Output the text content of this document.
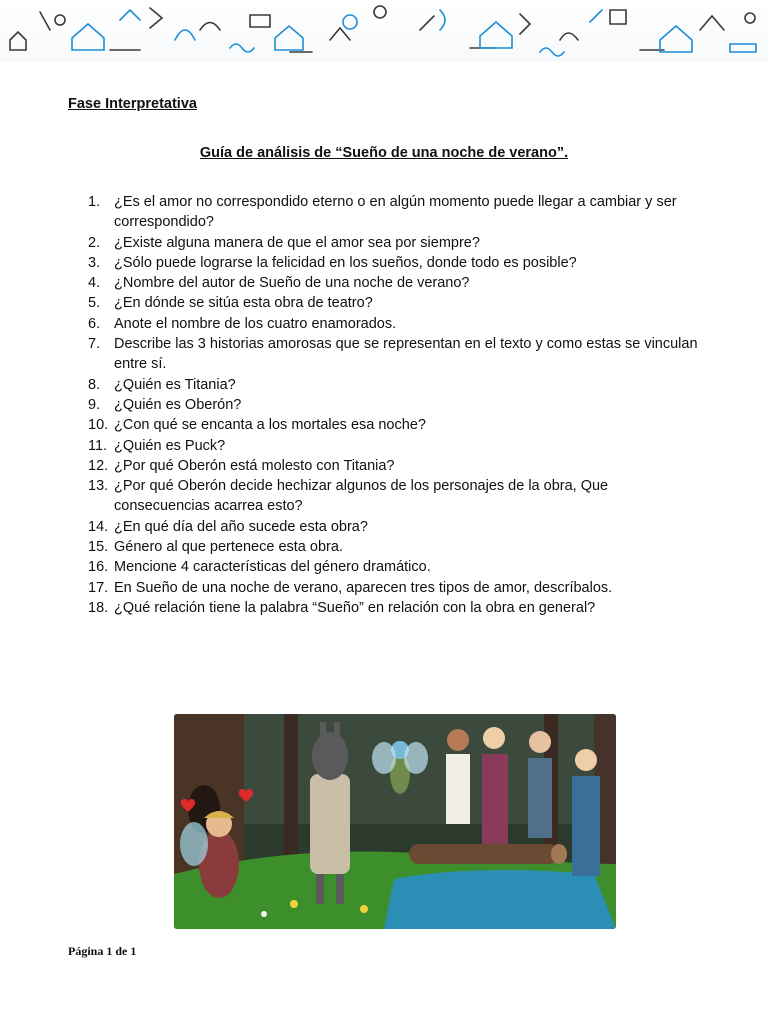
Fase Interpretativa
Guía de análisis de “Sueño de una noche de verano”.
1. ¿Es el amor no correspondido eterno o en algún momento puede llegar a cambiar y ser correspondido?
2. ¿Existe alguna manera de que el amor sea por siempre?
3. ¿Sólo puede lograrse la felicidad en los sueños, donde todo es posible?
4. ¿Nombre del autor de Sueño de una noche de verano?
5. ¿En dónde se sitúa esta obra de teatro?
6. Anote el nombre de los cuatro enamorados.
7. Describe las 3 historias amorosas que se representan en el texto y como estas se vinculan entre sí.
8. ¿Quién es Titania?
9. ¿Quién es Oberón?
10. ¿Con qué se encanta a los mortales esa noche?
11. ¿Quién es Puck?
12. ¿Por qué Oberón está molesto con Titania?
13. ¿Por qué Oberón decide hechizar algunos de los personajes de la obra, Que consecuencias acarrea esto?
14. ¿En qué día del año sucede esta obra?
15. Género al que pertenece esta obra.
16. Mencione 4 características del género dramático.
17. En Sueño de una noche de verano, aparecen tres tipos de amor, descríbalos.
18. ¿Qué relación tiene la palabra “Sueño” en relación con la obra en general?
Página 1 de 1
